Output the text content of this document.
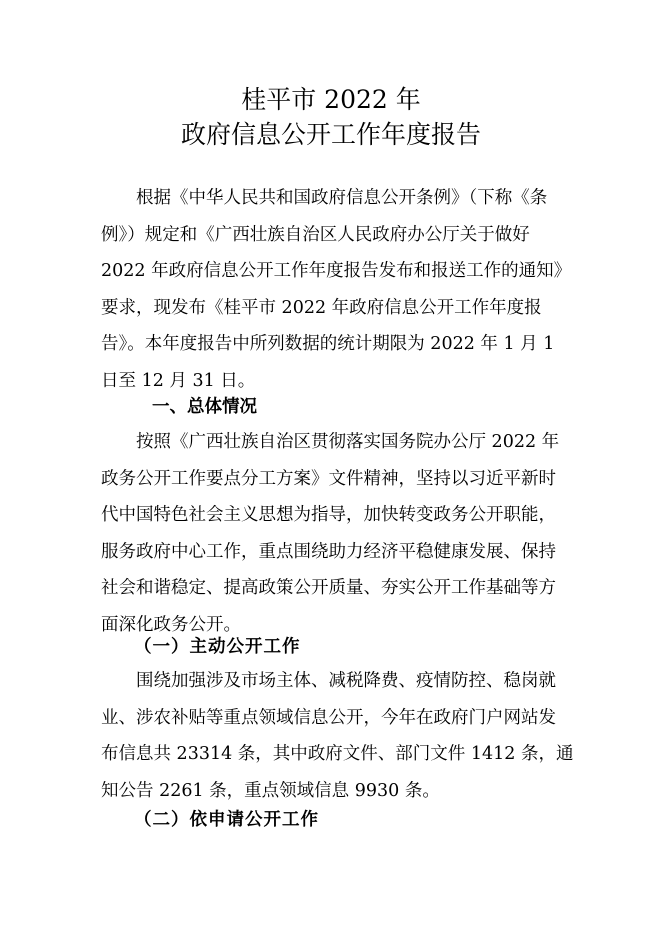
桂平市 2022 年
政府信息公开工作年度报告
根据《中华人民共和国政府信息公开条例》（下称《条
例》）规定和《广西壮族自治区人民政府办公厅关于做好
2022 年政府信息公开工作年度报告发布和报送工作的通知》
要求，现发布《桂平市 2022 年政府信息公开工作年度报
告》。本年度报告中所列数据的统计期限为 2022 年 1 月 1
日至 12 月 31 日。
一、总体情况
按照《广西壮族自治区贯彻落实国务院办公厅 2022 年
政务公开工作要点分工方案》文件精神，坚持以习近平新时
代中国特色社会主义思想为指导，加快转变政务公开职能，
服务政府中心工作，重点围绕助力经济平稳健康发展、保持
社会和谐稳定、提高政策公开质量、夯实公开工作基础等方
面深化政务公开。
（一）主动公开工作
围绕加强涉及市场主体、减税降费、疫情防控、稳岗就
业、涉农补贴等重点领域信息公开，今年在政府门户网站发
布信息共 23314 条，其中政府文件、部门文件 1412 条，通
知公告 2261 条，重点领域信息 9930 条。
（二）依申请公开工作
